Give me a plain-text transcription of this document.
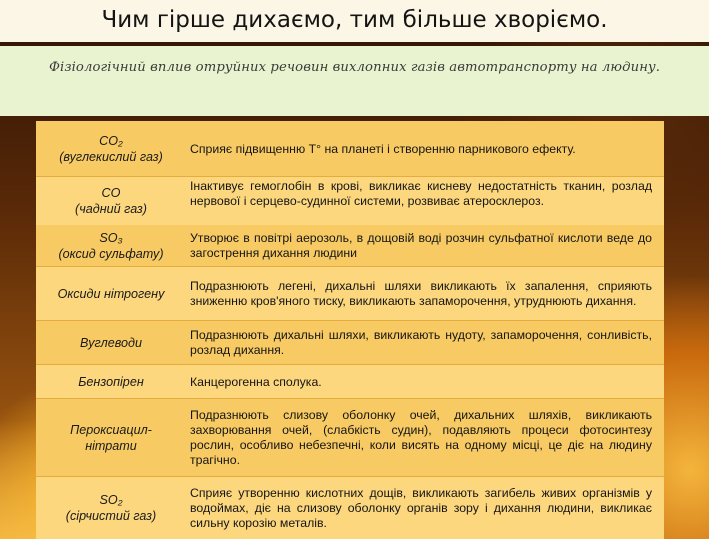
Чим гірше дихаємо, тим більше хворіємо.
Фізіологічний вплив отруйних речовин вихлопних газів автотранспорту на людину.
CO₂
(вуглекислий газ)
Сприяє підвищенню T° на планеті і створенню парникового ефекту.
CO
(чадний газ)
Інактивує гемоглобін в крові, викликає кисневу недостатність тканин, розлад нервової і серцево-судинної системи, розвиває атеросклероз.
SO₃
(оксид сульфату)
Утворює в повітрі аерозоль, в дощовій воді розчин сульфатної кислоти веде до загострення дихання людини
Оксиди нітрогену
Подразнюють легені, дихальні шляхи викликають їх запалення, сприяють зниженню кров'яного тиску, викликають запаморочення, утруднюють дихання.
Вуглеводи
Подразнюють дихальні шляхи, викликають нудоту, запаморочення, сонливість, розлад дихання.
Бензопірен	Канцерогенна сполука.
Пероксиацил-
нітрати
Подразнюють слизову оболонку очей, дихальних шляхів, викликають захворювання очей, (слабкість судин), подавляють процеси фотосинтезу рослин, особливо небезпечні, коли висять на одному місці, це діє на людину трагічно.
SO₂
(сірчистий газ)
Сприяє утворенню кислотних дощів, викликають загибель живих організмів у водоймах, діє на слизову оболонку органів зору і дихання людини, викликає сильну корозію металів.
